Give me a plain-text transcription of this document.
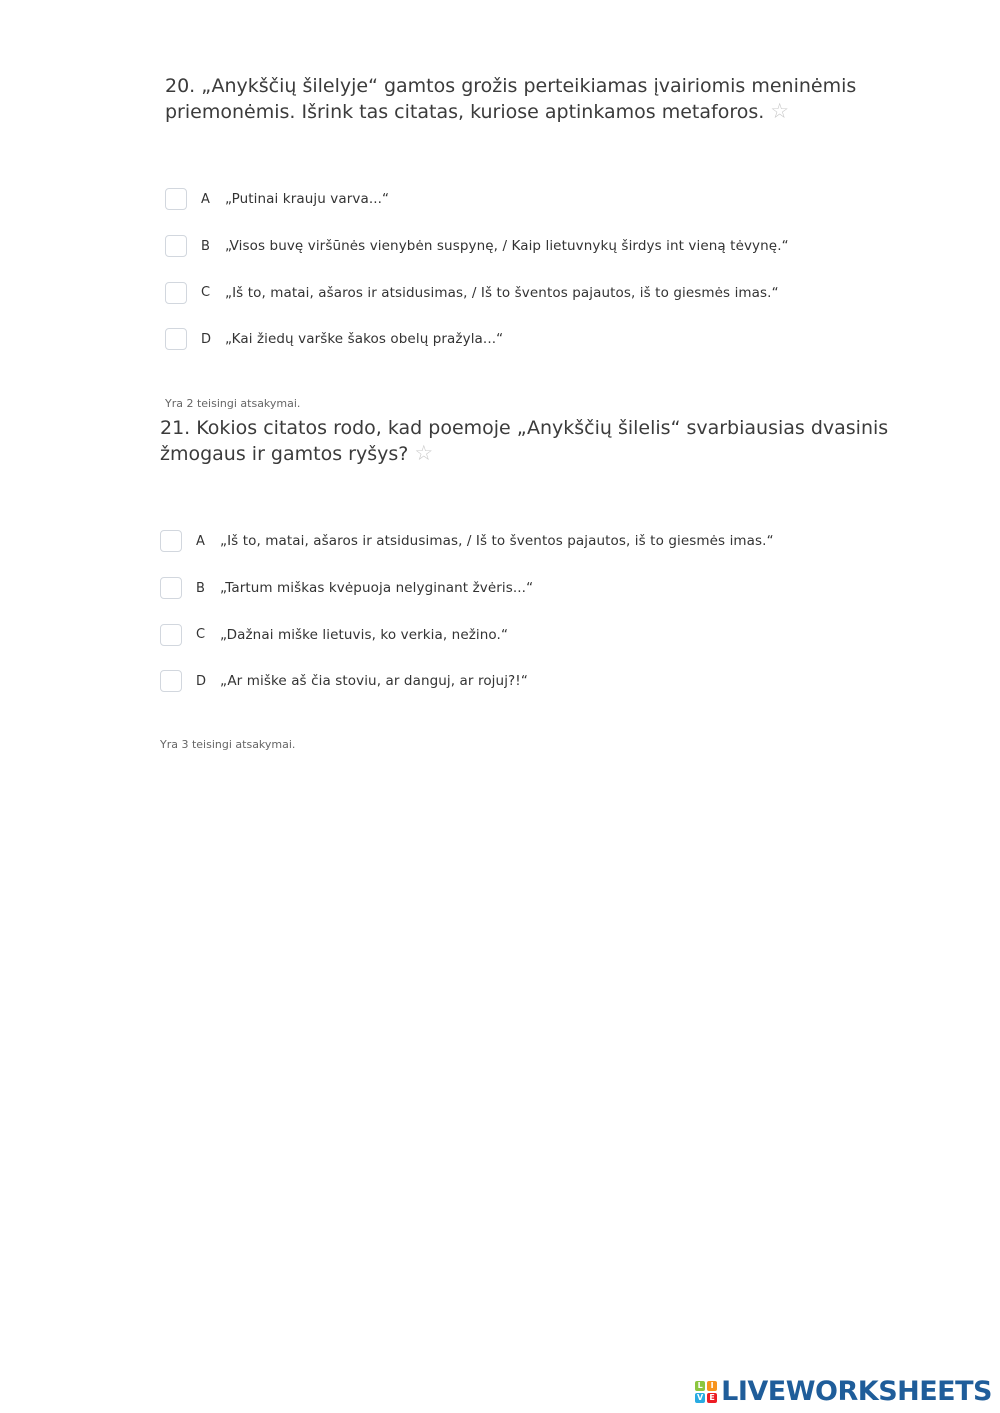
20. „Anykščių šilelyje“ gamtos grožis perteikiamas įvairiomis meninėmis priemonėmis. Išrink tas citatas, kuriose aptinkamos metaforos. ☆

A	„Putinai krauju varva...“
B	„Visos buvę viršūnės vienybėn suspynę, / Kaip lietuvnykų širdys int vieną tėvynę.“
C	„Iš to, matai, ašaros ir atsidusimas, / Iš to šventos pajautos, iš to giesmės imas.“
D	„Kai žiedų varške šakos obelų pražyla...“
Yra 2 teisingi atsakymai.

21. Kokios citatos rodo, kad poemoje „Anykščių šilelis“ svarbiausias dvasinis žmogaus ir gamtos ryšys? ☆

A	„Iš to, matai, ašaros ir atsidusimas, / Iš to šventos pajautos, iš to giesmės imas.“
B	„Tartum miškas kvėpuoja nelyginant žvėris...“
C	„Dažnai miške lietuvis, ko verkia, nežino.“
D	„Ar miške aš čia stoviu, ar danguj, ar rojuj?!“
Yra 3 teisingi atsakymai.
L I
V E LIVEWORKSHEETS
